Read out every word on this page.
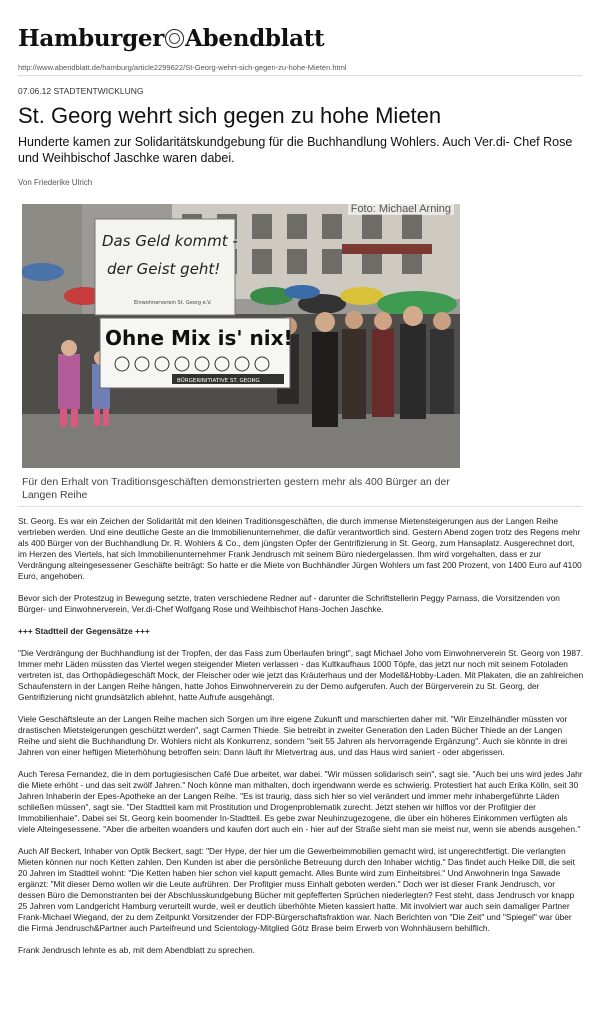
Hamburger Abendblatt
http://www.abendblatt.de/hamburg/article2299622/St-Georg-wehrt-sich-gegen-zu-hohe-Mieten.html
07.06.12 STADTENTWICKLUNG
St. Georg wehrt sich gegen zu hohe Mieten
Hunderte kamen zur Solidaritätskundgebung für die Buchhandlung Wohlers. Auch Ver.di- Chef Rose und Weihbischof Jaschke waren dabei.
Von Friederike Ulrich
Das Geld kommt -
der Geist geht!
Einwohnerverein St. Georg e.V.
Ohne Mix is' nix!
BÜRGERINITIATIVE ST. GEORG
Foto: Michael Arning
Für den Erhalt von Traditionsgeschäften demonstrierten gestern mehr als 400 Bürger an der Langen Reihe

St. Georg. Es war ein Zeichen der Solidarität mit den kleinen Traditionsgeschäften, die durch immense Mietensteigerungen aus der Langen Reihe vertrieben werden. Und eine deutliche Geste an die Immobilienunternehmer, die dafür verantwortlich sind. Gestern Abend zogen trotz des Regens mehr als 400 Bürger von der Buchhandlung Dr. R. Wohlers & Co., dem jüngsten Opfer der Gentrifizierung in St. Georg, zum Hansaplatz. Ausgerechnet dort, im Herzen des Viertels, hat sich Immobilienunternehmer Frank Jendrusch mit seinem Büro niedergelassen. Ihm wird vorgehalten, dass er zur Verdrängung alteingesessener Geschäfte beiträgt: So hatte er die Miete von Buchhändler Jürgen Wohlers um fast 200 Prozent, von 1400 Euro auf 4100 Euro, angehoben.

Bevor sich der Protestzug in Bewegung setzte, traten verschiedene Redner auf - darunter die Schriftstellerin Peggy Parnass, die Vorsitzenden von Bürger- und Einwohnerverein, Ver.di-Chef Wolfgang Rose und Weihbischof Hans-Jochen Jaschke.

+++ Stadtteil der Gegensätze +++

"Die Verdrängung der Buchhandlung ist der Tropfen, der das Fass zum Überlaufen bringt", sagt Michael Joho vom Einwohnerverein St. Georg von 1987. Immer mehr Läden müssten das Viertel wegen steigender Mieten verlassen - das Kultkaufhaus 1000 Töpfe, das jetzt nur noch mit seinem Fotoladen vertreten ist, das Orthopädiegeschäft Mock, der Fleischer oder wie jetzt das Kräuterhaus und der Modell&Hobby-Laden. Mit Plakaten, die an zahlreichen Schaufenstern in der Langen Reihe hängen, hatte Johos Einwohnerverein zu der Demo aufgerufen. Auch der Bürgerverein zu St. Georg, der Gentrifizierung nicht grundsätzlich ablehnt, hatte Aufrufe ausgehängt.

Viele Geschäftsleute an der Langen Reihe machen sich Sorgen um ihre eigene Zukunft und marschierten daher mit. "Wir Einzelhändler müssten vor drastischen Mietsteigerungen geschützt werden", sagt Carmen Thiede. Sie betreibt in zweiter Generation den Laden Bücher Thiede an der Langen Reihe und sieht die Buchhandlung Dr. Wohlers nicht als Konkurrenz, sondern "seit 55 Jahren als hervorragende Ergänzung". Auch sie könnte in drei Jahren von einer heftigen Mieterhöhung betroffen sein: Dann läuft ihr Mietvertrag aus, und das Haus wird saniert - oder abgerissen.

Auch Teresa Fernandez, die in dem portugiesischen Café Due arbeitet, war dabei. "Wir müssen solidarisch sein", sagt sie. "Auch bei uns wird jedes Jahr die Miete erhöht - und das seit zwölf Jahren." Noch könne man mithalten, doch irgendwann werde es schwierig. Protestiert hat auch Erika Kölln, seit 30 Jahren Inhaberin der Epes-Apotheke an der Langen Reihe. "Es ist traurig, dass sich hier so viel verändert und immer mehr inhabergeführte Läden schließen müssen", sagt sie. "Der Stadtteil kam mit Prostitution und Drogenproblematik zurecht. Jetzt stehen wir hilflos vor der Profitgier der Immobilienhaie". Dabei sei St. Georg kein boomender In-Stadtteil. Es gebe zwar Neuhinzugezogene, die über ein höheres Einkommen verfügten als viele Alteingesessene. "Aber die arbeiten woanders und kaufen dort auch ein - hier auf der Straße sieht man sie meist nur, wenn sie abends ausgehen."

Auch Alf Beckert, Inhaber von Optik Beckert, sagt: "Der Hype, der hier um die Gewerbeimmobilien gemacht wird, ist ungerechtfertigt. Die verlangten Mieten können nur noch Ketten zahlen. Den Kunden ist aber die persönliche Betreuung durch den Inhaber wichtig." Das findet auch Heike Dill, die seit 20 Jahren im Stadtteil wohnt: "Die Ketten haben hier schon viel kaputt gemacht. Alles Bunte wird zum Einheitsbrei." Und Anwohnerin Inga Sawade ergänzt: "Mit dieser Demo wollen wir die Leute aufrühren. Der Profitgier muss Einhalt geboten werden." Doch wer ist dieser Frank Jendrusch, vor dessen Büro die Demonstranten bei der Abschlusskundgebung Bücher mit gepfefferten Sprüchen niederlegten? Fest steht, dass Jendrusch vor knapp 25 Jahren vom Landgericht Hamburg verurteilt wurde, weil er deutlich überhöhte Mieten kassiert hatte. Mit involviert war auch sein damaliger Partner Frank-Michael Wiegand, der zu dem Zeitpunkt Vorsitzender der FDP-Bürgerschaftsfraktion war. Nach Berichten von "Die Zeit" und "Spiegel" war über die Firma Jendrusch&Partner auch Parteifreund und Scientology-Mitglied Götz Brase beim Erwerb von Wohnhäusern behilflich.

Frank Jendrusch lehnte es ab, mit dem Abendblatt zu sprechen.
